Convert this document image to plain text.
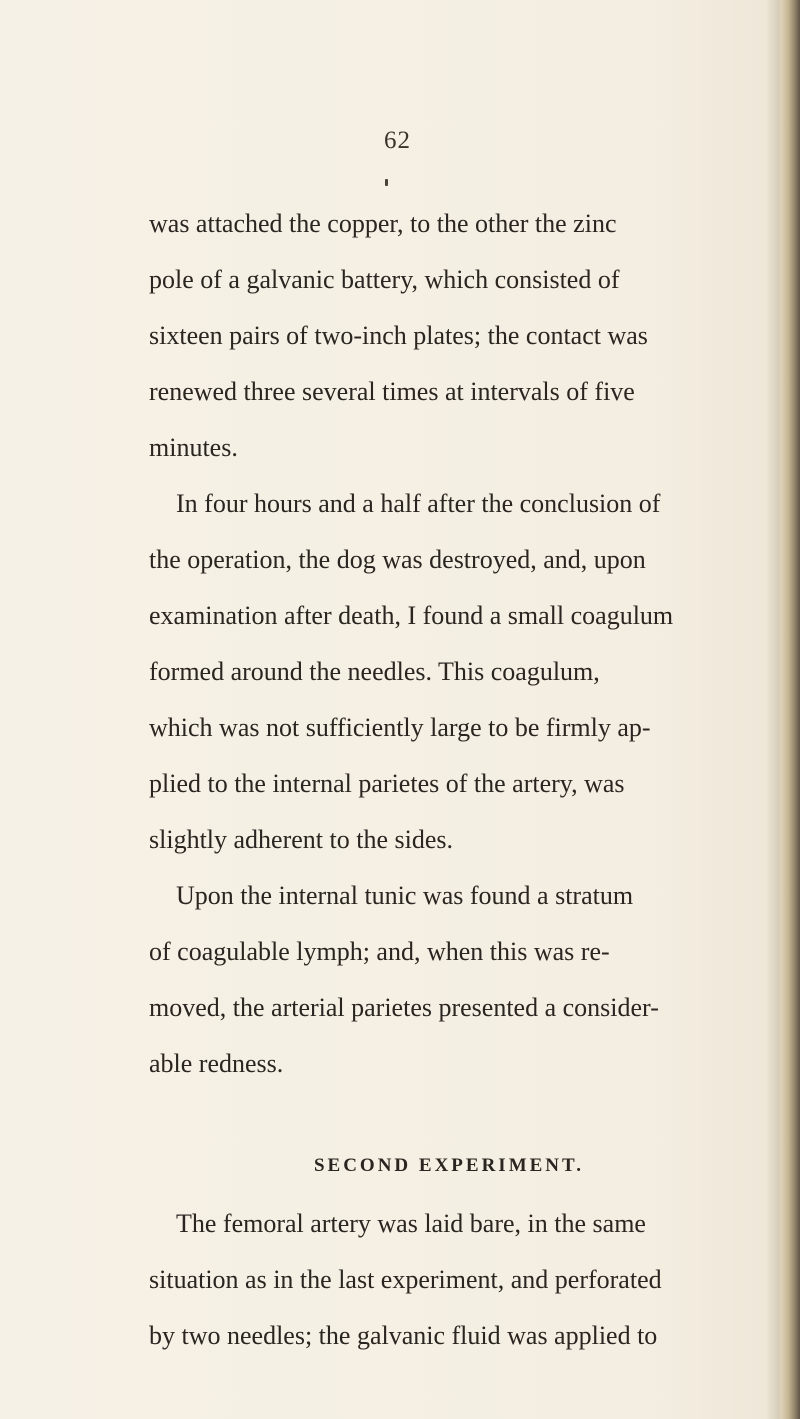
62
was attached the copper, to the other the zinc
pole of a galvanic battery, which consisted of
sixteen pairs of two-inch plates; the contact was
renewed three several times at intervals of five
minutes.
In four hours and a half after the conclusion of
the operation, the dog was destroyed, and, upon
examination after death, I found a small coagulum
formed around the needles. This coagulum,
which was not sufficiently large to be firmly ap-
plied to the internal parietes of the artery, was
slightly adherent to the sides.
Upon the internal tunic was found a stratum
of coagulable lymph; and, when this was re-
moved, the arterial parietes presented a consider-
able redness.
SECOND EXPERIMENT.
The femoral artery was laid bare, in the same
situation as in the last experiment, and perforated
by two needles; the galvanic fluid was applied to
